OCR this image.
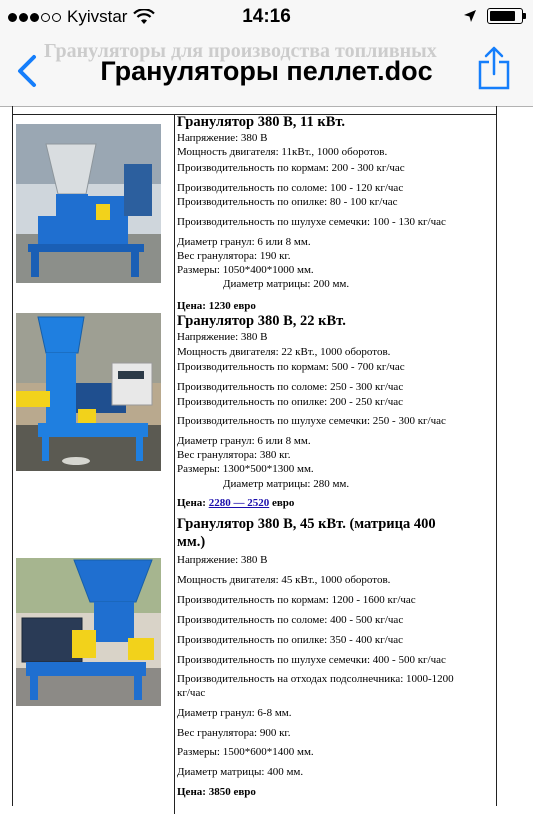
Kyivstar	14:16
Грануляторы для производства топливных
Грануляторы пеллет.doc
Гранулятор 380 В, 11 кВт.
Напряжение: 380 В
Мощность двигателя: 11кВт., 1000 оборотов.
Производительность по кормам: 200 - 300 кг/час
Производительность по соломе: 100 - 120 кг/час
Производительность по опилке: 80 - 100 кг/час
Производительность по шулухе семечки: 100 - 130 кг/час
Диаметр гранул: 6 или 8 мм.
Вес гранулятора: 190 кг.
Размеры: 1050*400*1000 мм.
Диаметр матрицы: 200 мм.
Цена: 1230 евро
Гранулятор 380 В, 22 кВт.
Напряжение: 380 В
Мощность двигателя: 22 кВт., 1000 оборотов.
Производительность по кормам: 500 - 700 кг/час
Производительность по соломе: 250 - 300 кг/час
Производительность по опилке: 200 - 250 кг/час
Производительность по шулухе семечки: 250 - 300 кг/час
Диаметр гранул: 6 или 8 мм.
Вес гранулятора: 380 кг.
Размеры: 1300*500*1300 мм.
Диаметр матрицы: 280 мм.
Цена: 2280 — 2520 евро
Гранулятор 380 В, 45 кВт. (матрица 400
мм.)
Напряжение: 380 В
Мощность двигателя: 45 кВт., 1000 оборотов.
Производительность по кормам: 1200 - 1600 кг/час
Производительность по соломе: 400 - 500 кг/час
Производительность по опилке: 350 - 400 кг/час
Производительность по шулухе семечки: 400 - 500 кг/час
Производительность на отходах подсолнечника: 1000-1200
кг/час
Диаметр гранул: 6-8 мм.
Вес гранулятора: 900 кг.
Размеры: 1500*600*1400 мм.
Диаметр матрицы: 400 мм.
Цена: 3850 евро
